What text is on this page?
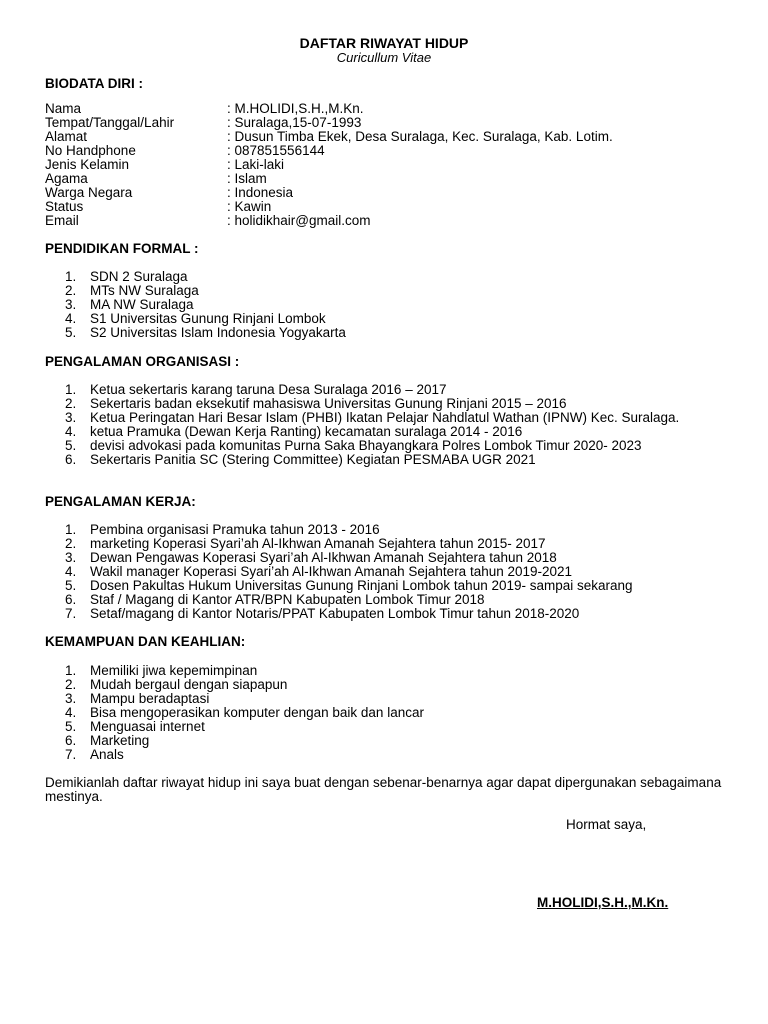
DAFTAR RIWAYAT HIDUP
Curicullum Vitae
BIODATA DIRI :
Nama	: M.HOLIDI,S.H.,M.Kn.
Tempat/Tanggal/Lahir	: Suralaga,15-07-1993
Alamat	: Dusun Timba Ekek, Desa Suralaga, Kec. Suralaga, Kab. Lotim.
No Handphone	: 087851556144
Jenis Kelamin	: Laki-laki
Agama	: Islam
Warga Negara	: Indonesia
Status	: Kawin
Email	: holidikhair@gmail.com
PENDIDIKAN FORMAL :
1. SDN 2 Suralaga
2. MTs NW Suralaga
3. MA NW Suralaga
4. S1 Universitas Gunung Rinjani Lombok
5. S2 Universitas Islam Indonesia Yogyakarta
PENGALAMAN ORGANISASI :
1. Ketua sekertaris karang taruna Desa Suralaga 2016 – 2017
2. Sekertaris badan eksekutif mahasiswa Universitas Gunung Rinjani 2015 – 2016
3. Ketua Peringatan Hari Besar Islam (PHBI) Ikatan Pelajar Nahdlatul Wathan (IPNW) Kec. Suralaga.
4. ketua Pramuka (Dewan Kerja Ranting) kecamatan suralaga 2014 - 2016
5. devisi advokasi pada komunitas Purna Saka Bhayangkara Polres Lombok Timur 2020- 2023
6. Sekertaris Panitia SC (Stering Committee) Kegiatan PESMABA UGR 2021
PENGALAMAN KERJA:
1. Pembina organisasi Pramuka tahun 2013 - 2016
2. marketing Koperasi Syari’ah Al-Ikhwan Amanah Sejahtera tahun 2015- 2017
3. Dewan Pengawas Koperasi Syari’ah Al-Ikhwan Amanah Sejahtera tahun 2018
4. Wakil manager Koperasi Syari’ah Al-Ikhwan Amanah Sejahtera tahun 2019-2021
5. Dosen Pakultas Hukum Universitas Gunung Rinjani Lombok tahun 2019- sampai sekarang
6. Staf / Magang di Kantor ATR/BPN Kabupaten Lombok Timur 2018
7. Setaf/magang di Kantor Notaris/PPAT Kabupaten Lombok Timur tahun 2018-2020
KEMAMPUAN DAN KEAHLIAN:
1. Memiliki jiwa kepemimpinan
2. Mudah bergaul dengan siapapun
3. Mampu beradaptasi
4. Bisa mengoperasikan komputer dengan baik dan lancar
5. Menguasai internet
6. Marketing
7. Anals
Demikianlah daftar riwayat hidup ini saya buat dengan sebenar-benarnya agar dapat dipergunakan sebagaimana mestinya.
Hormat saya,
M.HOLIDI,S.H.,M.Kn.
